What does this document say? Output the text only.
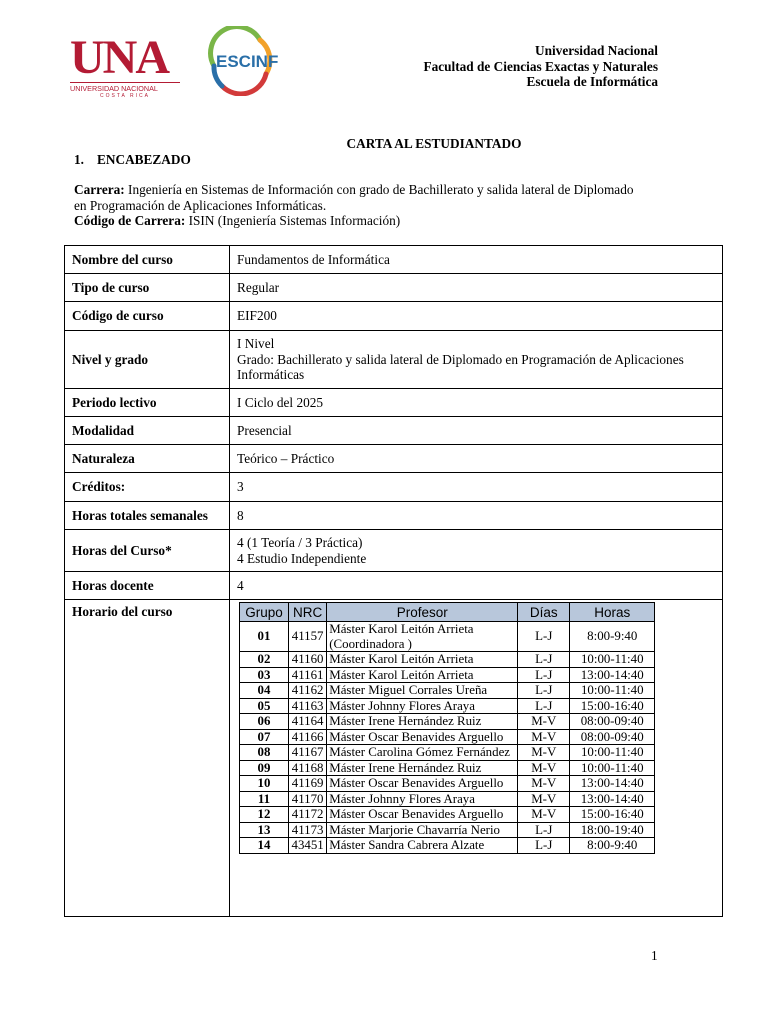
UNA
UNIVERSIDAD NACIONAL
COSTA RICA
ESCINF
Universidad Nacional
Facultad de Ciencias Exactas y Naturales
Escuela de Informática
CARTA AL ESTUDIANTADO
1. ENCABEZADO
Carrera: Ingeniería en Sistemas de Información con grado de Bachillerato y salida lateral de Diplomado en Programación de Aplicaciones Informáticas.
Código de Carrera: ISIN (Ingeniería Sistemas Información)
Nombre del curso	Fundamentos de Informática
Tipo de curso	Regular
Código de curso	EIF200
Nivel y grado	I Nivel
Grado: Bachillerato y salida lateral de Diplomado en Programación de Aplicaciones Informáticas
Periodo lectivo	I Ciclo del 2025
Modalidad	Presencial
Naturaleza	Teórico – Práctico
Créditos:	3
Horas totales semanales	8
Horas del Curso*	4 (1 Teoría / 3 Práctica)
4 Estudio Independiente
Horas docente	4
Horario del curso		Grupo	NRC	Profesor	Días	Horas
01	41157	Máster Karol Leitón Arrieta (Coordinadora )	L-J	8:00-9:40
02	41160	Máster Karol Leitón Arrieta	L-J	10:00-11:40
03	41161	Máster Karol Leitón Arrieta	L-J	13:00-14:40
04	41162	Máster Miguel Corrales Ureña	L-J	10:00-11:40
05	41163	Máster Johnny Flores Araya	L-J	15:00-16:40
06	41164	Máster Irene Hernández Ruiz	M-V	08:00-09:40
07	41166	Máster Oscar Benavides Arguello	M-V	08:00-09:40
08	41167	Máster Carolina Gómez Fernández	M-V	10:00-11:40
09	41168	Máster Irene Hernández Ruiz	M-V	10:00-11:40
10	41169	Máster Oscar Benavides Arguello	M-V	13:00-14:40
11	41170	Máster Johnny Flores Araya	M-V	13:00-14:40
12	41172	Máster Oscar Benavides Arguello	M-V	15:00-16:40
13	41173	Máster Marjorie Chavarría Nerio	L-J	18:00-19:40
14	43451	Máster Sandra Cabrera Alzate	L-J	8:00-9:40
1
